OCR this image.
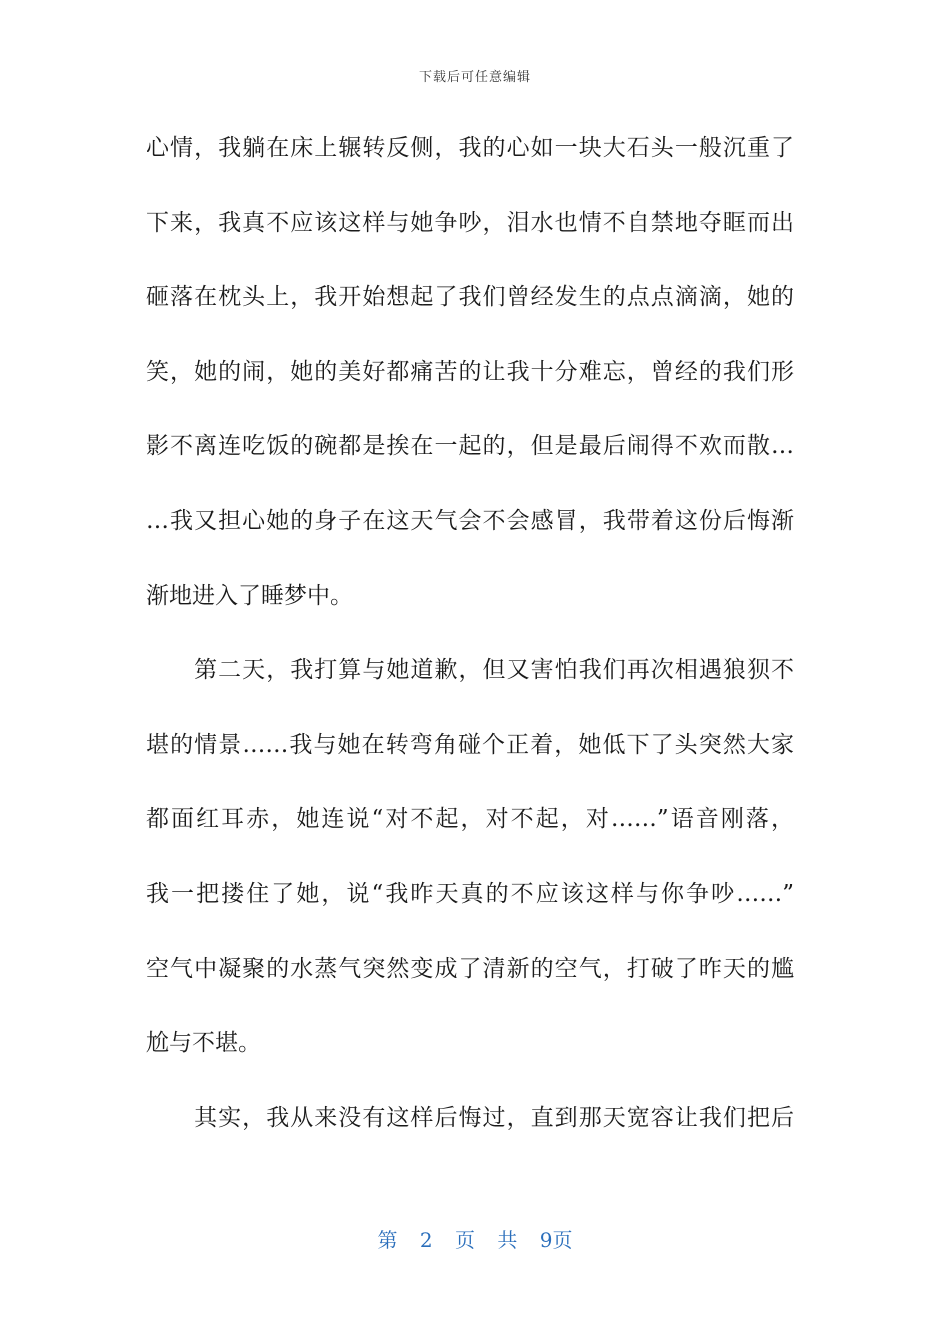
下载后可任意编辑
心情，我躺在床上辗转反侧，我的心如一块大石头一般沉重了
下来，我真不应该这样与她争吵，泪水也情不自禁地夺眶而出
砸落在枕头上，我开始想起了我们曾经发生的点点滴滴，她的
笑，她的闹，她的美好都痛苦的让我十分难忘，曾经的我们形
影不离连吃饭的碗都是挨在一起的，但是最后闹得不欢而散…
…我又担心她的身子在这天气会不会感冒，我带着这份后悔渐
渐地进入了睡梦中。
　　第二天，我打算与她道歉，但又害怕我们再次相遇狼狈不
堪的情景……我与她在转弯角碰个正着，她低下了头突然大家
都面红耳赤，她连说“对不起，对不起，对……”语音刚落，
我一把搂住了她，说“我昨天真的不应该这样与你争吵……”
空气中凝聚的水蒸气突然变成了清新的空气，打破了昨天的尴
尬与不堪。
　　其实，我从来没有这样后悔过，直到那天宽容让我们把后
第 2 页 共 9页
